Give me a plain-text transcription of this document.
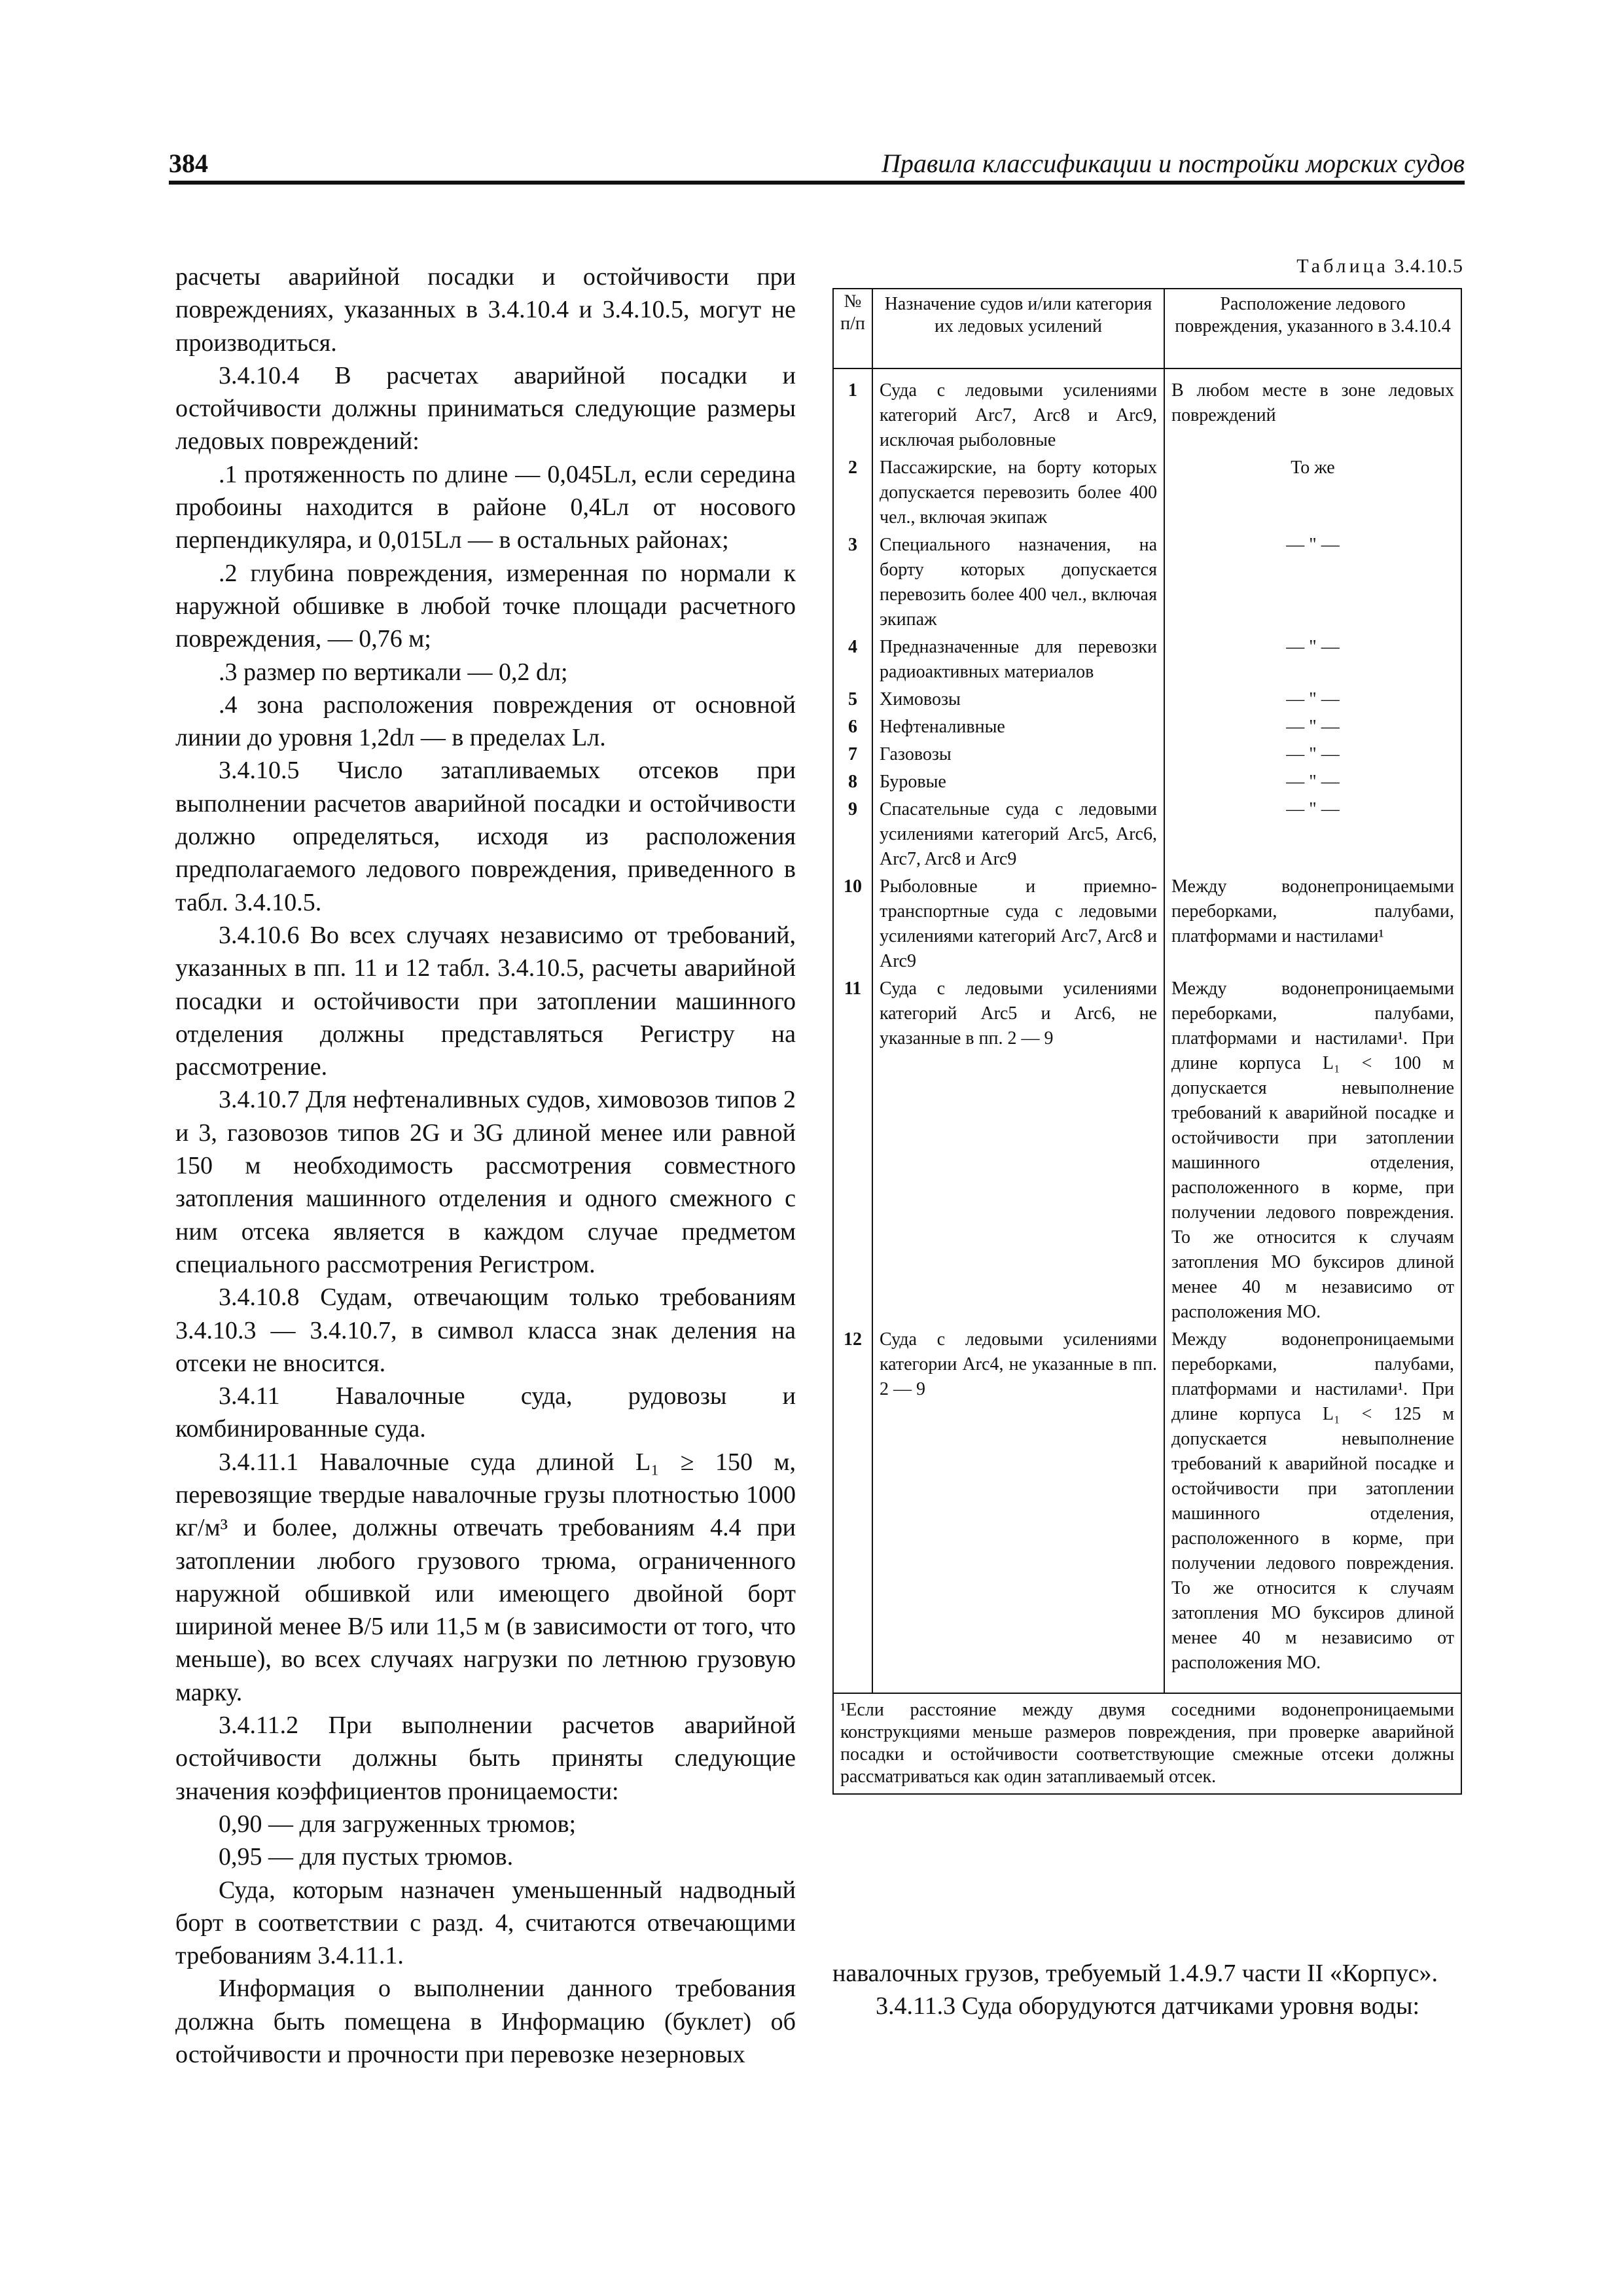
384	Правила классификации и постройки морских судов

расчеты аварийной посадки и остойчивости при повреждениях, указанных в 3.4.10.4 и 3.4.10.5, могут не производиться.

3.4.10.4 В расчетах аварийной посадки и остойчивости должны приниматься следующие размеры ледовых повреждений:

.1 протяженность по длине — 0,045Lл, если середина пробоины находится в районе 0,4Lл от носового перпендикуляра, и 0,015Lл — в остальных районах;

.2 глубина повреждения, измеренная по нормали к наружной обшивке в любой точке площади расчетного повреждения, — 0,76 м;

.3 размер по вертикали — 0,2 dл;

.4 зона расположения повреждения от основной линии до уровня 1,2dл — в пределах Lл.

3.4.10.5 Число затапливаемых отсеков при выполнении расчетов аварийной посадки и остойчивости должно определяться, исходя из расположения предполагаемого ледового повреждения, приведенного в табл. 3.4.10.5.

3.4.10.6 Во всех случаях независимо от требований, указанных в пп. 11 и 12 табл. 3.4.10.5, расчеты аварийной посадки и остойчивости при затоплении машинного отделения должны представляться Регистру на рассмотрение.

3.4.10.7 Для нефтеналивных судов, химовозов типов 2 и 3, газовозов типов 2G и 3G длиной менее или равной 150 м необходимость рассмотрения совместного затопления машинного отделения и одного смежного с ним отсека является в каждом случае предметом специального рассмотрения Регистром.

3.4.10.8 Судам, отвечающим только требованиям 3.4.10.3 — 3.4.10.7, в символ класса знак деления на отсеки не вносится.

3.4.11 Навалочные суда, рудовозы и комбинированные суда.

3.4.11.1 Навалочные суда длиной L₁ ≥ 150 м, перевозящие твердые навалочные грузы плотностью 1000 кг/м³ и более, должны отвечать требованиям 4.4 при затоплении любого грузового трюма, ограниченного наружной обшивкой или имеющего двойной борт шириной менее B/5 или 11,5 м (в зависимости от того, что меньше), во всех случаях нагрузки по летнюю грузовую марку.

3.4.11.2 При выполнении расчетов аварийной остойчивости должны быть приняты следующие значения коэффициентов проницаемости:

0,90 — для загруженных трюмов;

0,95 — для пустых трюмов.

Суда, которым назначен уменьшенный надводный борт в соответствии с разд. 4, считаются отвечающими требованиям 3.4.11.1.

Информация о выполнении данного требования должна быть помещена в Информацию (буклет) об остойчивости и прочности при перевозке незерновых

Таблица 3.4.10.5
№ п/п	Назначение судов и/или категория их ледовых усилений	Расположение ледового повреждения, указанного в 3.4.10.4
1	Суда с ледовыми усилениями категорий Arc7, Arc8 и Arc9, исключая рыболовные	В любом месте в зоне ледовых повреждений
2	Пассажирские, на борту которых допускается перевозить более 400 чел., включая экипаж	То же
3	Специального назначения, на борту которых допускается перевозить более 400 чел., включая экипаж	— " —
4	Предназначенные для перевозки радиоактивных материалов	— " —
5	Химовозы	— " —
6	Нефтеналивные	— " —
7	Газовозы	— " —
8	Буровые	— " —
9	Спасательные суда с ледовыми усилениями категорий Arc5, Arc6, Arc7, Arc8 и Arc9	— " —
10	Рыболовные и приемно-транспортные суда с ледовыми усилениями категорий Arc7, Arc8 и Arc9	Между водонепроницаемыми переборками, палубами, платформами и настилами¹
11	Суда с ледовыми усилениями категорий Arc5 и Arc6, не указанные в пп. 2 — 9	Между водонепроницаемыми переборками, палубами, платформами и настилами¹. При длине корпуса L₁ < 100 м допускается невыполнение требований к аварийной посадке и остойчивости при затоплении машинного отделения, расположенного в корме, при получении ледового повреждения. То же относится к случаям затопления МО буксиров длиной менее 40 м независимо от расположения МО.
12	Суда с ледовыми усилениями категории Arc4, не указанные в пп. 2 — 9	Между водонепроницаемыми переборками, палубами, платформами и настилами¹. При длине корпуса L₁ < 125 м допускается невыполнение требований к аварийной посадке и остойчивости при затоплении машинного отделения, расположенного в корме, при получении ледового повреждения. То же относится к случаям затопления МО буксиров длиной менее 40 м независимо от расположения МО.
¹Если расстояние между двумя соседними водонепроницаемыми конструкциями меньше размеров повреждения, при проверке аварийной посадки и остойчивости соответствующие смежные отсеки должны рассматриваться как один затапливаемый отсек.		

навалочных грузов, требуемый 1.4.9.7 части II «Корпус».

3.4.11.3 Суда оборудуются датчиками уровня воды:
